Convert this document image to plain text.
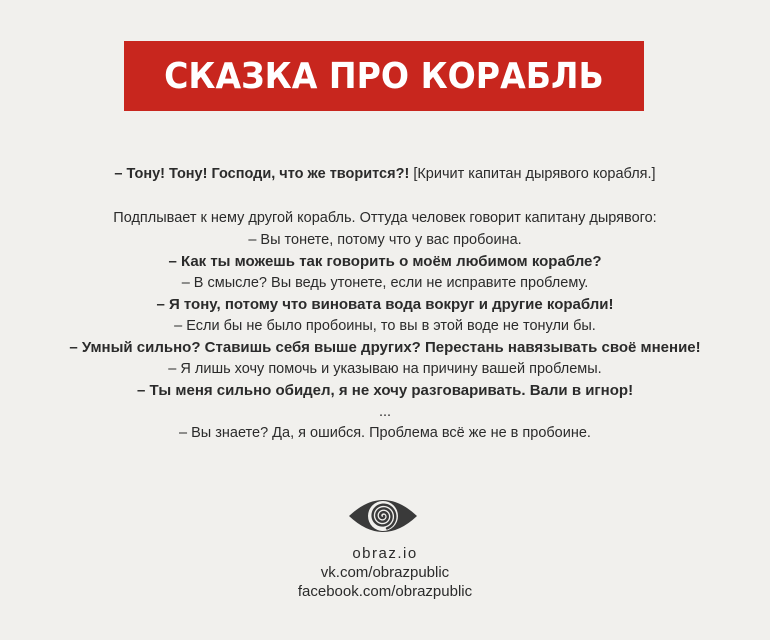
СКАЗКА ПРО КОРАБЛЬ
– Тону! Тону! Господи, что же творится?! [Кричит капитан дырявого корабля.]
Подплывает к нему другой корабль. Оттуда человек говорит капитану дырявого:
– Вы тонете, потому что у вас пробоина.
– Как ты можешь так говорить о моём любимом корабле?
– В смысле? Вы ведь утонете, если не исправите проблему.
– Я тону, потому что виновата вода вокруг и другие корабли!
– Если бы не было пробоины, то вы в этой воде не тонули бы.
– Умный сильно? Ставишь себя выше других? Перестань навязывать своё мнение!
– Я лишь хочу помочь и указываю на причину вашей проблемы.
– Ты меня сильно обидел, я не хочу разговаривать. Вали в игнор!
...
– Вы знаете? Да, я ошибся. Проблема всё же не в пробоине.
obraz.io
vk.com/obrazpublic
facebook.com/obrazpublic
